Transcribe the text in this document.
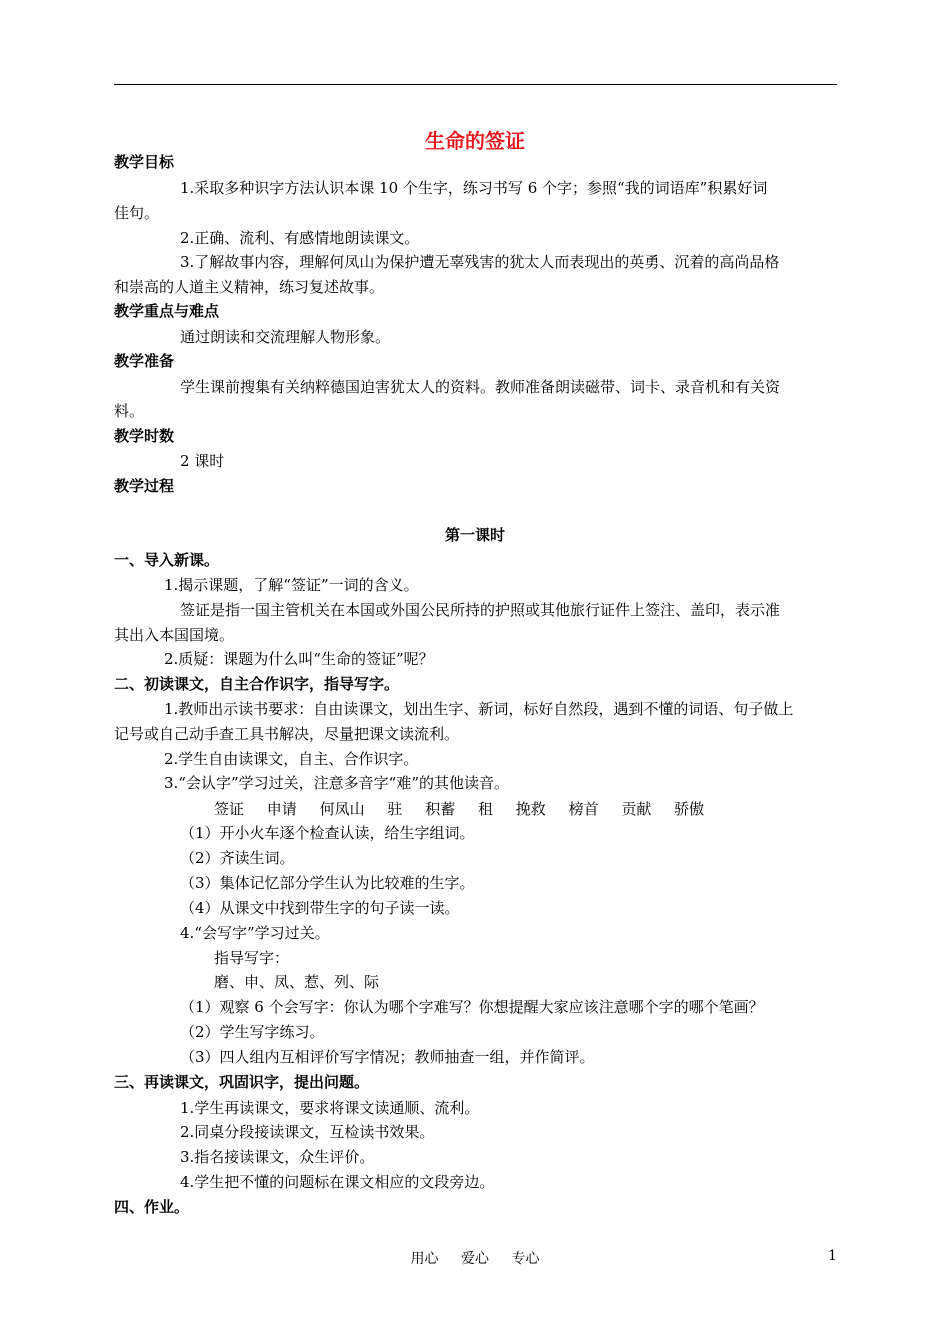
生命的签证
教学目标
1.采取多种识字方法认识本课 10 个生字，练习书写 6 个字；参照“我的词语库”积累好词
佳句。
2.正确、流利、有感情地朗读课文。
3.了解故事内容，理解何凤山为保护遭无辜残害的犹太人而表现出的英勇、沉着的高尚品格
和崇高的人道主义精神，练习复述故事。
教学重点与难点
通过朗读和交流理解人物形象。
教学准备
学生课前搜集有关纳粹德国迫害犹太人的资料。教师准备朗读磁带、词卡、录音机和有关资
料。
教学时数
2 课时
教学过程
第一课时
一、导入新课。
1.揭示课题，了解“签证”一词的含义。
签证是指一国主管机关在本国或外国公民所持的护照或其他旅行证件上签注、盖印，表示准
其出入本国国境。
2.质疑：课题为什么叫“生命的签证”呢？
二、初读课文，自主合作识字，指导写字。
1.教师出示读书要求：自由读课文，划出生字、新词，标好自然段，遇到不懂的词语、句子做上
记号或自己动手查工具书解决，尽量把课文读流利。
2.学生自由读课文，自主、合作识字。
3.“会认字”学习过关，注意多音字“难”的其他读音。
签证 申请 何凤山 驻 积蓄 租 挽救 榜首 贡献 骄傲
（1）开小火车逐个检查认读，给生字组词。
（2）齐读生词。
（3）集体记忆部分学生认为比较难的生字。
（4）从课文中找到带生字的句子读一读。
4.“会写字”学习过关。
指导写字：
磨、申、凤、惹、列、际
（1）观察 6 个会写字：你认为哪个字难写？你想提醒大家应该注意哪个字的哪个笔画？
（2）学生写字练习。
（3）四人组内互相评价写字情况；教师抽查一组，并作简评。
三、再读课文，巩固识字，提出问题。
1.学生再读课文，要求将课文读通顺、流利。
2.同桌分段接读课文，互检读书效果。
3.指名接读课文，众生评价。
4.学生把不懂的问题标在课文相应的文段旁边。
四、作业。
用心 爱心 专心	1
